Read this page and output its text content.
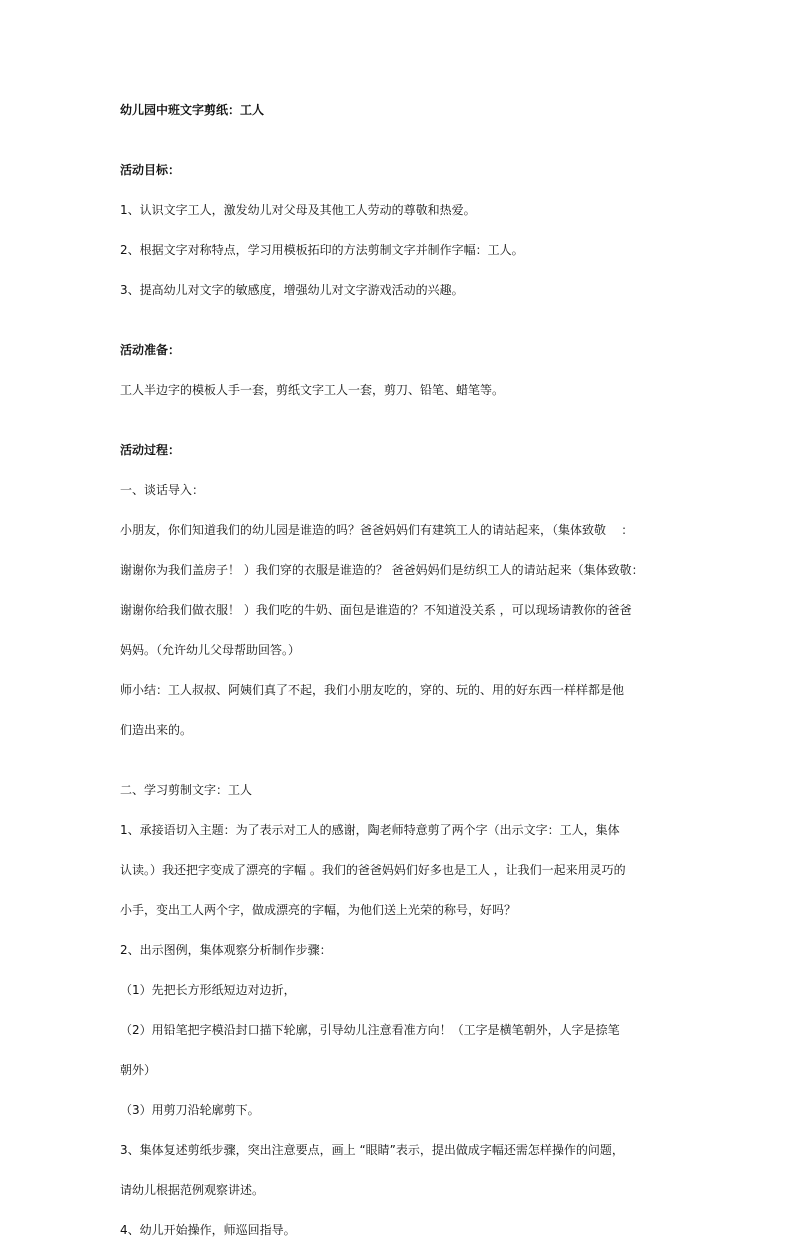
幼儿园中班文字剪纸：工人

活动目标：

1、认识文字工人，激发幼儿对父母及其他工人劳动的尊敬和热爱。

2、根据文字对称特点，学习用模板拓印的方法剪制文字并制作字幅：工人。

3、提高幼儿对文字的敏感度，增强幼儿对文字游戏活动的兴趣。

活动准备：

工人半边字的模板人手一套，剪纸文字工人一套，剪刀、铅笔、蜡笔等。

活动过程：

一、谈话导入：

小朋友，你们知道我们的幼儿园是谁造的吗？爸爸妈妈们有建筑工人的请站起来，（集体致敬    ：

谢谢你为我们盖房子！ ）我们穿的衣服是谁造的？ 爸爸妈妈们是纺织工人的请站起来（集体致敬：

谢谢你给我们做衣服！ ）我们吃的牛奶、面包是谁造的？不知道没关系 ，可以现场请教你的爸爸

妈妈。（允许幼儿父母帮助回答。）

师小结：工人叔叔、阿姨们真了不起，我们小朋友吃的，穿的、玩的、用的好东西一样样都是他

们造出来的。

二、学习剪制文字：工人

1、承接语切入主题：为了表示对工人的感谢，陶老师特意剪了两个字（出示文字：工人，集体

认读。）我还把字变成了漂亮的字幅 。我们的爸爸妈妈们好多也是工人 ，让我们一起来用灵巧的

小手，变出工人两个字，做成漂亮的字幅，为他们送上光荣的称号，好吗？

2、出示图例，集体观察分析制作步骤：

（1）先把长方形纸短边对边折，

（2）用铅笔把字模沿封口描下轮廓，引导幼儿注意看准方向！（工字是横笔朝外，人字是捺笔

朝外）

（3）用剪刀沿轮廓剪下。

3、集体复述剪纸步骤，突出注意要点，画上 “眼睛”表示，提出做成字幅还需怎样操作的问题，

请幼儿根据范例观察讲述。

4、幼儿开始操作，师巡回指导。
